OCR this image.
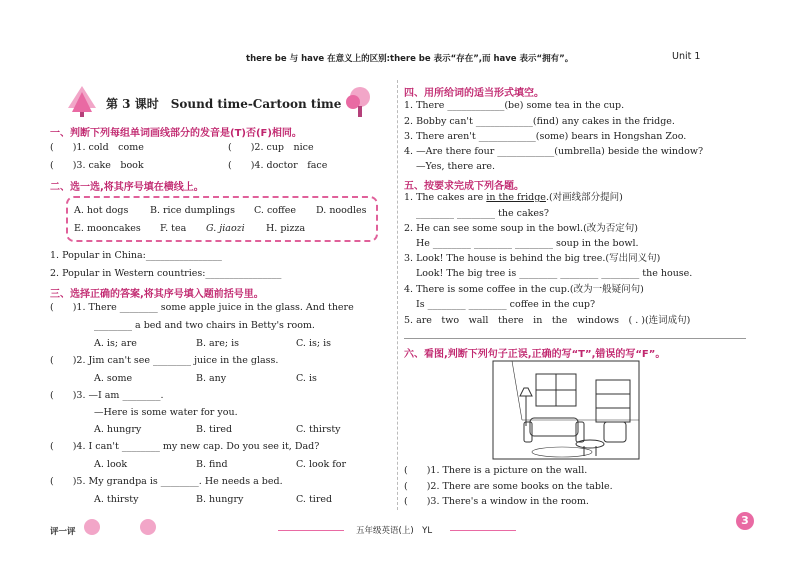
there be 与 have 在意义上的区别:there be 表示“存在”,而 have 表示“拥有”。	Unit 1
第 3 课时　Sound time-Cartoon time
一、判断下列每组单词画线部分的发音是(T)否(F)相同。
(　　)1. cold　come	(　　)2. cup　nice
(　　)3. cake　book	(　　)4. doctor　face
二、选一选,将其序号填在横线上。
A. hot dogs B. rice dumplings C. coffee D. noodles
E. mooncakes F. tea G. jiaozi H. pizza
1. Popular in China:________________
2. Popular in Western countries:________________
三、选择正确的答案,将其序号填入题前括号里。
(　　)1. There ________ some apple juice in the glass. And there
________ a bed and two chairs in Betty's room.
A. is; are	B. are; is	C. is; is
(　　)2. Jim can't see ________ juice in the glass.
A. some	B. any	C. is
(　　)3. —I am ________.
—Here is some water for you.
A. hungry	B. tired	C. thirsty
(　　)4. I can't ________ my new cap. Do you see it, Dad?
A. look	B. find	C. look for
(　　)5. My grandpa is ________. He needs a bed.
A. thirsty	B. hungry	C. tired
四、用所给词的适当形式填空。
1. There ____________(be) some tea in the cup.
2. Bobby can't ____________(find) any cakes in the fridge.
3. There aren't ____________(some) bears in Hongshan Zoo.
4. —Are there four ____________(umbrella) beside the window?
—Yes, there are.
五、按要求完成下列各题。
1. The cakes are in the fridge.(对画线部分提问)
________ ________ the cakes?
2. He can see some soup in the bowl.(改为否定句)
He ________ ________ ________ soup in the bowl.
3. Look! The house is behind the big tree.(写出同义句)
Look! The big tree is ________ ________ ________ the house.
4. There is some coffee in the cup.(改为一般疑问句)
Is ________ ________ coffee in the cup?
5. are　two　wall　there　in　the　windows　( . )(连词成句)
六、看图,判断下列句子正误,正确的写“T”,错误的写“F”。
(　　)1. There is a picture on the wall.
(　　)2. There are some books on the table.
(　　)3. There's a window in the room.
评一评	五年级英语(上)　YL
3
